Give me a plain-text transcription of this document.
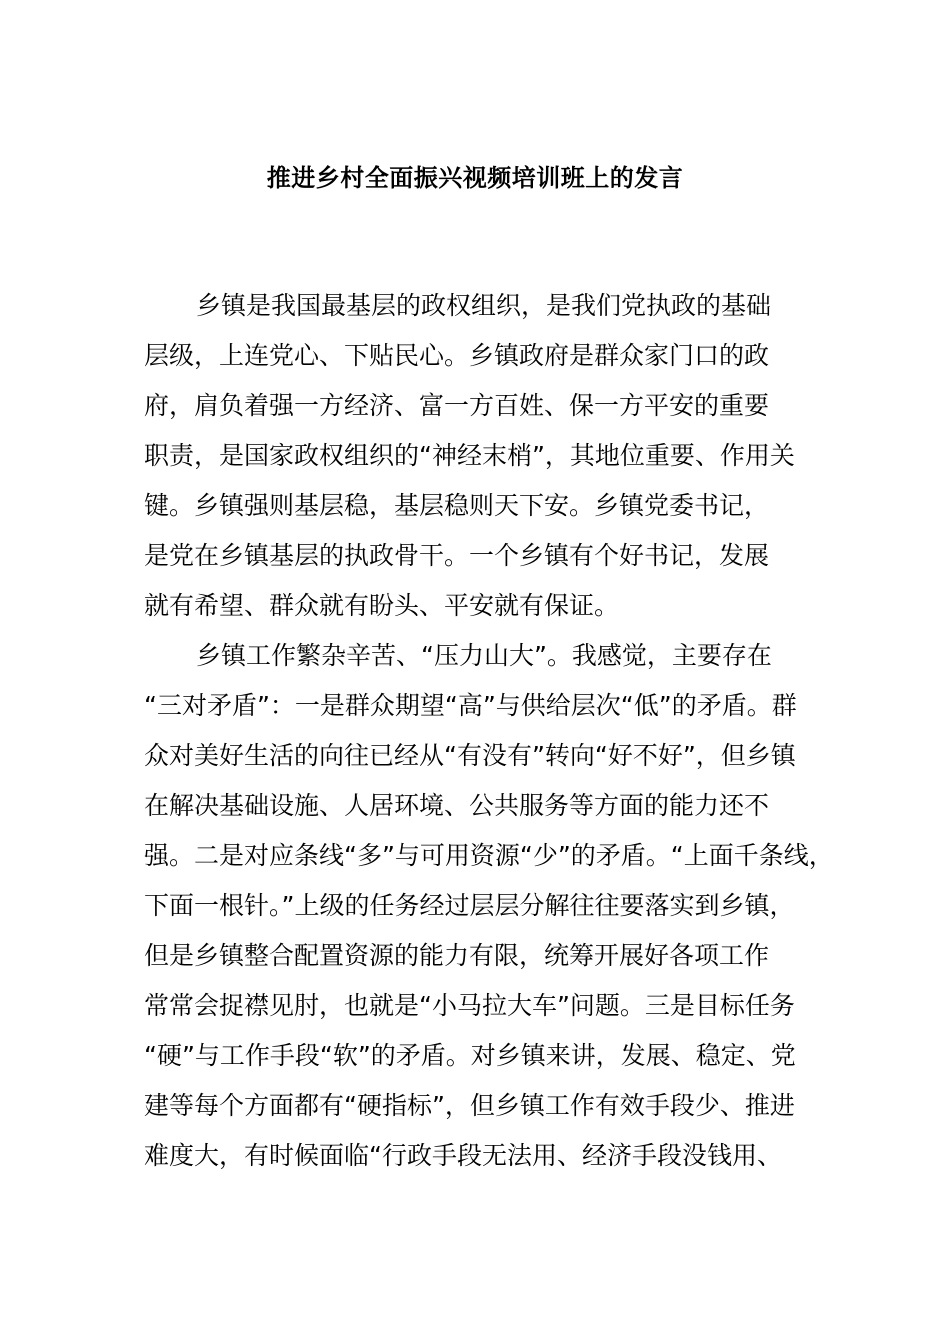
推进乡村全面振兴视频培训班上的发言
乡镇是我国最基层的政权组织，是我们党执政的基础
层级，上连党心、下贴民心。乡镇政府是群众家门口的政
府，肩负着强一方经济、富一方百姓、保一方平安的重要
职责，是国家政权组织的“神经末梢”，其地位重要、作用关
键。乡镇强则基层稳，基层稳则天下安。乡镇党委书记，
是党在乡镇基层的执政骨干。一个乡镇有个好书记，发展
就有希望、群众就有盼头、平安就有保证。
乡镇工作繁杂辛苦、“压力山大”。我感觉，主要存在
“三对矛盾”：一是群众期望“高”与供给层次“低”的矛盾。群
众对美好生活的向往已经从“有没有”转向“好不好”，但乡镇
在解决基础设施、人居环境、公共服务等方面的能力还不
强。二是对应条线“多”与可用资源“少”的矛盾。“上面千条线，
下面一根针。”上级的任务经过层层分解往往要落实到乡镇，
但是乡镇整合配置资源的能力有限，统筹开展好各项工作
常常会捉襟见肘，也就是“小马拉大车”问题。三是目标任务
“硬”与工作手段“软”的矛盾。对乡镇来讲，发展、稳定、党
建等每个方面都有“硬指标”，但乡镇工作有效手段少、推进
难度大，有时候面临“行政手段无法用、经济手段没钱用、
